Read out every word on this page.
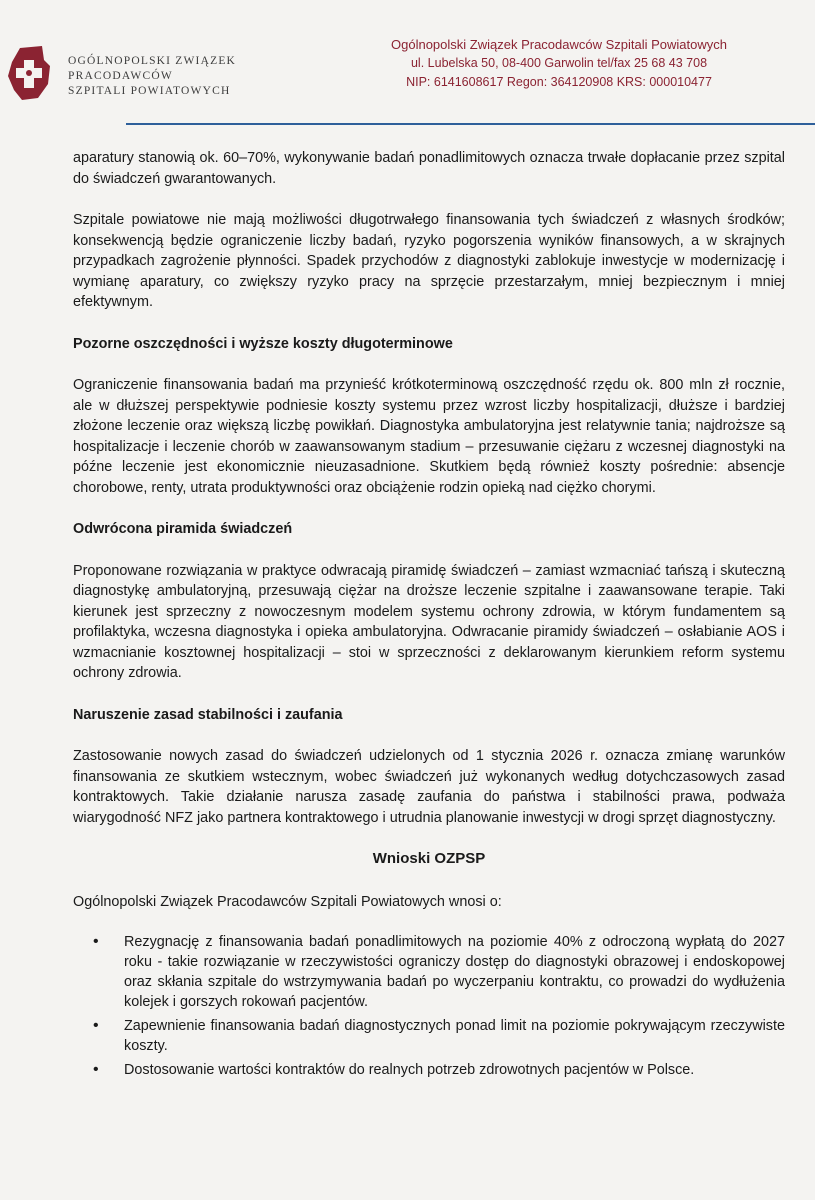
OGÓLNOPOLSKI ZWIĄZEK
PRACODAWCÓW
SZPITALI POWIATOWYCH
Ogólnopolski Związek Pracodawców Szpitali Powiatowych
ul. Lubelska 50, 08-400 Garwolin tel/fax 25 68 43 708
NIP: 6141608617 Regon: 364120908 KRS: 000010477

aparatury stanowią ok. 60–70%, wykonywanie badań ponadlimitowych oznacza trwałe dopłacanie przez szpital do świadczeń gwarantowanych.

Szpitale powiatowe nie mają możliwości długotrwałego finansowania tych świadczeń z własnych środków; konsekwencją będzie ograniczenie liczby badań, ryzyko pogorszenia wyników finansowych, a w skrajnych przypadkach zagrożenie płynności. Spadek przychodów z diagnostyki zablokuje inwestycje w modernizację i wymianę aparatury, co zwiększy ryzyko pracy na sprzęcie przestarzałym, mniej bezpiecznym i mniej efektywnym.

Pozorne oszczędności i wyższe koszty długoterminowe

Ograniczenie finansowania badań ma przynieść krótkoterminową oszczędność rzędu ok. 800 mln zł rocznie, ale w dłuższej perspektywie podniesie koszty systemu przez wzrost liczby hospitalizacji, dłuższe i bardziej złożone leczenie oraz większą liczbę powikłań. Diagnostyka ambulatoryjna jest relatywnie tania; najdroższe są hospitalizacje i leczenie chorób w zaawansowanym stadium – przesuwanie ciężaru z wczesnej diagnostyki na późne leczenie jest ekonomicznie nieuzasadnione. Skutkiem będą również koszty pośrednie: absencje chorobowe, renty, utrata produktywności oraz obciążenie rodzin opieką nad ciężko chorymi.

Odwrócona piramida świadczeń

Proponowane rozwiązania w praktyce odwracają piramidę świadczeń – zamiast wzmacniać tańszą i skuteczną diagnostykę ambulatoryjną, przesuwają ciężar na droższe leczenie szpitalne i zaawansowane terapie. Taki kierunek jest sprzeczny z nowoczesnym modelem systemu ochrony zdrowia, w którym fundamentem są profilaktyka, wczesna diagnostyka i opieka ambulatoryjna. Odwracanie piramidy świadczeń – osłabianie AOS i wzmacnianie kosztownej hospitalizacji – stoi w sprzeczności z deklarowanym kierunkiem reform systemu ochrony zdrowia.

Naruszenie zasad stabilności i zaufania

Zastosowanie nowych zasad do świadczeń udzielonych od 1 stycznia 2026 r. oznacza zmianę warunków finansowania ze skutkiem wstecznym, wobec świadczeń już wykonanych według dotychczasowych zasad kontraktowych. Takie działanie narusza zasadę zaufania do państwa i stabilności prawa, podważa wiarygodność NFZ jako partnera kontraktowego i utrudnia planowanie inwestycji w drogi sprzęt diagnostyczny.

Wnioski OZPSP

Ogólnopolski Związek Pracodawców Szpitali Powiatowych wnosi o:

• Rezygnację z finansowania badań ponadlimitowych na poziomie 40% z odroczoną wypłatą do 2027 roku - takie rozwiązanie w rzeczywistości ograniczy dostęp do diagnostyki obrazowej i endoskopowej oraz skłania szpitale do wstrzymywania badań po wyczerpaniu kontraktu, co prowadzi do wydłużenia kolejek i gorszych rokowań pacjentów.
• Zapewnienie finansowania badań diagnostycznych ponad limit na poziomie pokrywającym rzeczywiste koszty.
• Dostosowanie wartości kontraktów do realnych potrzeb zdrowotnych pacjentów w Polsce.
